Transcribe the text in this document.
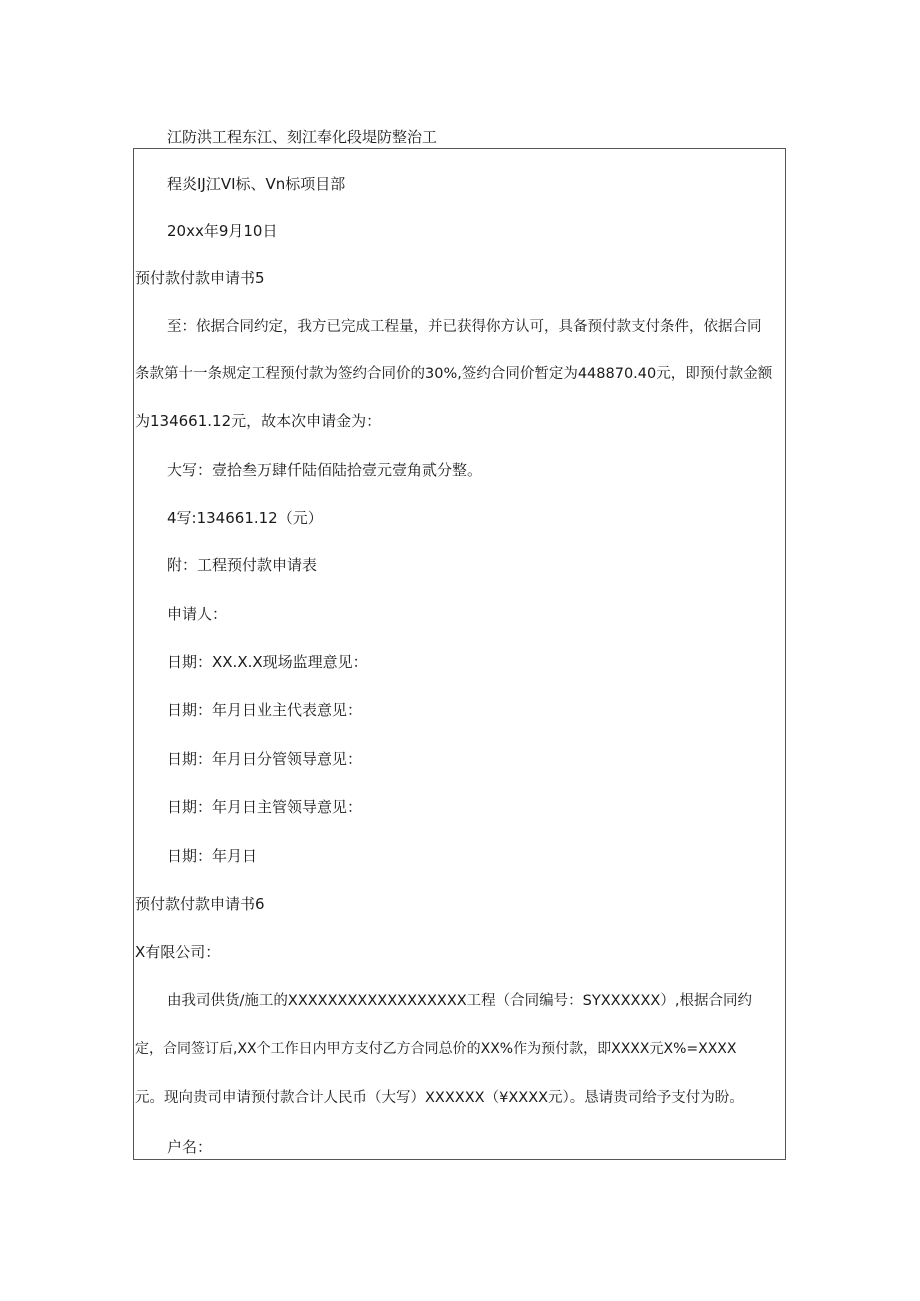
江防洪工程东江、刻江奉化段堤防整治工
程炎IJ江VI标、Vn标项目部
20xx年9月10日
预付款付款申请书5
至：依据合同约定，我方已完成工程量，并已获得你方认可，具备预付款支付条件，依据合同
条款第十一条规定工程预付款为签约合同价的30%,签约合同价暂定为448870.40元，即预付款金额
为134661.12元，故本次申请金为：
大写：壹拾叁万肆仟陆佰陆拾壹元壹角贰分整。
4写:134661.12（元）
附：工程预付款申请表
申请人：
日期：XX.X.X现场监理意见：
日期：年月日业主代表意见：
日期：年月日分管领导意见：
日期：年月日主管领导意见：
日期：年月日
预付款付款申请书6
X有限公司：
由我司供货/施工的XXXXXXXXXXXXXXXXXX工程（合同编号：SYXXXXXX）,根据合同约
定，合同签订后,XX个工作日内甲方支付乙方合同总价的XX%作为预付款，即XXXX元X%=XXXX
元。现向贵司申请预付款合计人民币（大写）XXXXXX（¥XXXX元）。恳请贵司给予支付为盼。
户名：
